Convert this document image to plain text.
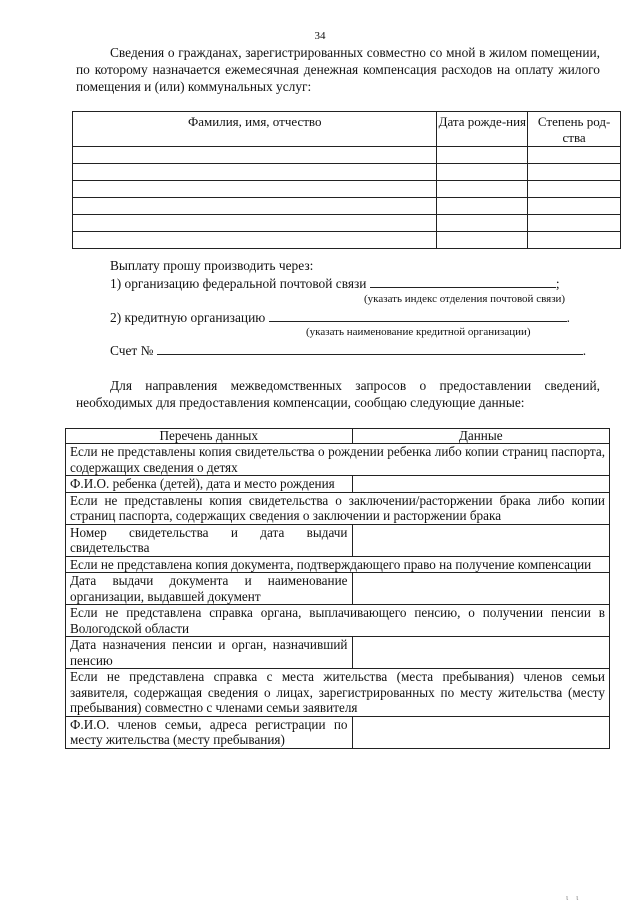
34
Сведения о гражданах, зарегистрированных совместно со мной в жилом помещении, по которому назначается ежемесячная денежная компенсация расходов на оплату жилого помещения и (или) коммунальных услуг:
Фамилия, имя, отчество	Дата рожде-ния	Степень род-ства

Выплату прошу производить через:
1) организацию федеральной почтовой связи	;
(указать индекс отделения почтовой связи)
2) кредитную организацию	.
(указать наименование кредитной организации)
Счет №	.
Для направления межведомственных запросов о предоставлении сведений, необходимых для предоставления компенсации, сообщаю следующие данные:
Перечень данных	Данные
Если не представлены копия свидетельства о рождении ребенка либо копии страниц паспорта, содержащих сведения о детях	
Ф.И.О. ребенка (детей), дата и место рождения	
Если не представлены копия свидетельства о заключении/расторжении брака либо копии страниц паспорта, содержащих сведения о заключении и расторжении брака	
Номер свидетельства и дата выдачи свидетельства	
Если не представлена копия документа, подтверждающего право на получение компенсации	
Дата выдачи документа и наименование организации, выдавшей документ	
Если не представлена справка органа, выплачивающего пенсию, о получении пенсии в Вологодской области	
Дата назначения пенсии и орган, назначивший пенсию	
Если не представлена справка с места жительства (места пребывания) членов семьи заявителя, содержащая сведения о лицах, зарегистрированных по месту жительства (месту пребывания) совместно с членами семьи заявителя	
Ф.И.О. членов семьи, адреса регистрации по месту жительства (месту пребывания)	
ι ι
